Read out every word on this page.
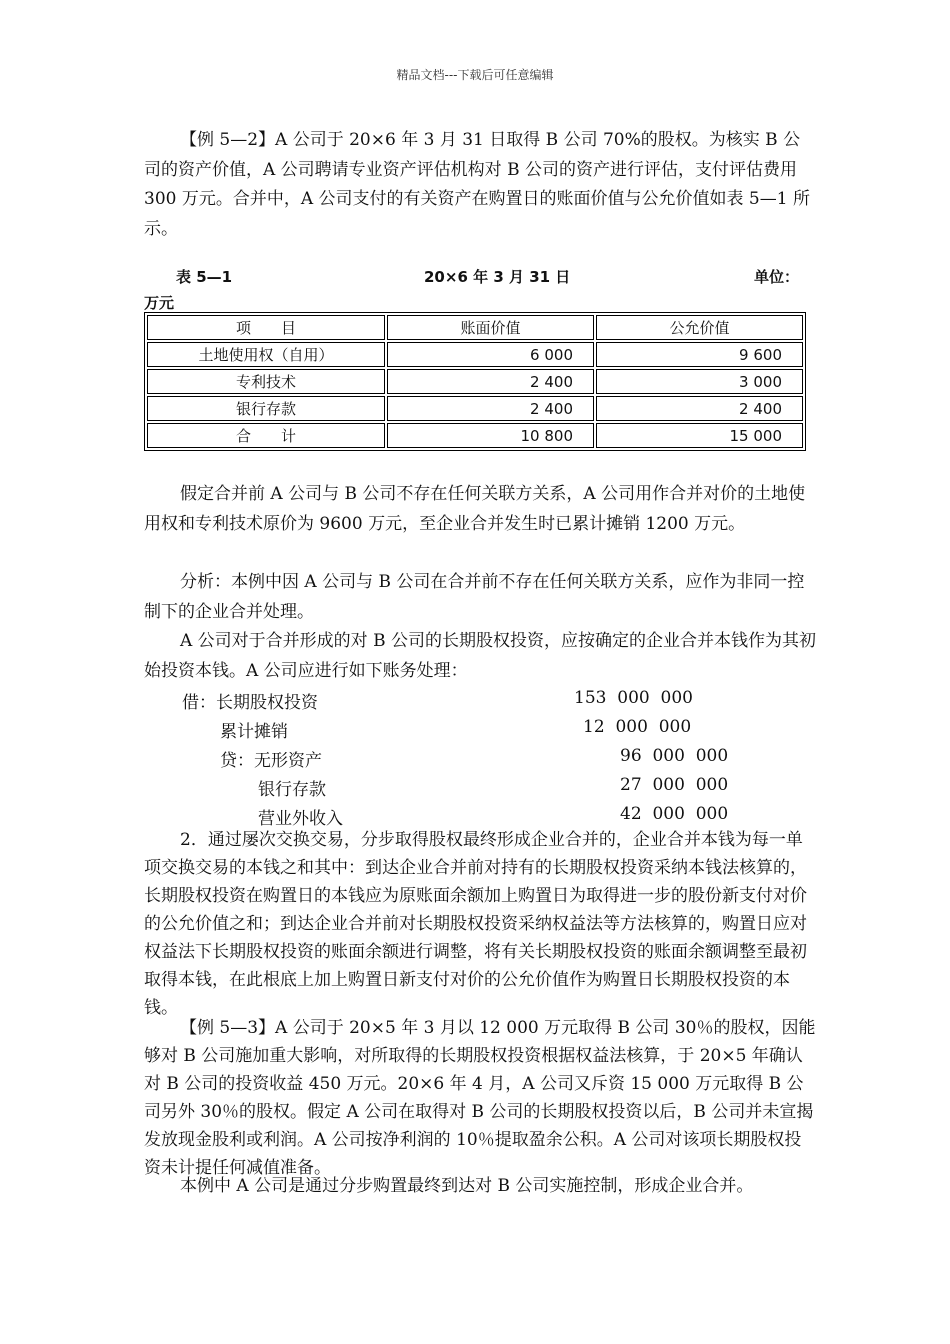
精品文档---下载后可任意编辑

【例 5—2】A 公司于 20×6 年 3 月 31 日取得 B 公司 70%的股权。为核实 B 公司的资产价值，A 公司聘请专业资产评估机构对 B 公司的资产进行评估，支付评估费用 300 万元。合并中，A 公司支付的有关资产在购置日的账面价值与公允价值如表 5—1 所示。

表 5—1	20×6 年 3 月 31 日	单位：
万元
项　　目	账面价值	公允价值
土地使用权（自用）	6 000	9 600
专利技术	2 400	3 000
银行存款	2 400	2 400
合　　计	10 800	15 000

假定合并前 A 公司与 B 公司不存在任何关联方关系，A 公司用作合并对价的土地使用权和专利技术原价为 9600 万元，至企业合并发生时已累计摊销 1200 万元。

分析：本例中因 A 公司与 B 公司在合并前不存在任何关联方关系，应作为非同一控制下的企业合并处理。

A 公司对于合并形成的对 B 公司的长期股权投资，应按确定的企业合并本钱作为其初始投资本钱。A 公司应进行如下账务处理：

借：长期股权投资	153  000  000
累计摊销	12  000  000
贷：无形资产	96  000  000
银行存款	27  000  000
营业外收入	42  000  000

2．通过屡次交换交易，分步取得股权最终形成企业合并的，企业合并本钱为每一单项交换交易的本钱之和其中：到达企业合并前对持有的长期股权投资采纳本钱法核算的，长期股权投资在购置日的本钱应为原账面余额加上购置日为取得进一步的股份新支付对价的公允价值之和；到达企业合并前对长期股权投资采纳权益法等方法核算的，购置日应对权益法下长期股权投资的账面余额进行调整，将有关长期股权投资的账面余额调整至最初取得本钱，在此根底上加上购置日新支付对价的公允价值作为购置日长期股权投资的本钱。

【例 5—3】A 公司于 20×5 年 3 月以 12 000 万元取得 B 公司 30％的股权，因能够对 B 公司施加重大影响，对所取得的长期股权投资根据权益法核算，于 20×5 年确认对 B 公司的投资收益 450 万元。20×6 年 4 月，A 公司又斥资 15 000 万元取得 B 公司另外 30％的股权。假定 A 公司在取得对 B 公司的长期股权投资以后，B 公司并未宣揭发放现金股利或利润。A 公司按净利润的 10％提取盈余公积。A 公司对该项长期股权投资未计提任何减值准备。

本例中 A 公司是通过分步购置最终到达对 B 公司实施控制，形成企业合并。
